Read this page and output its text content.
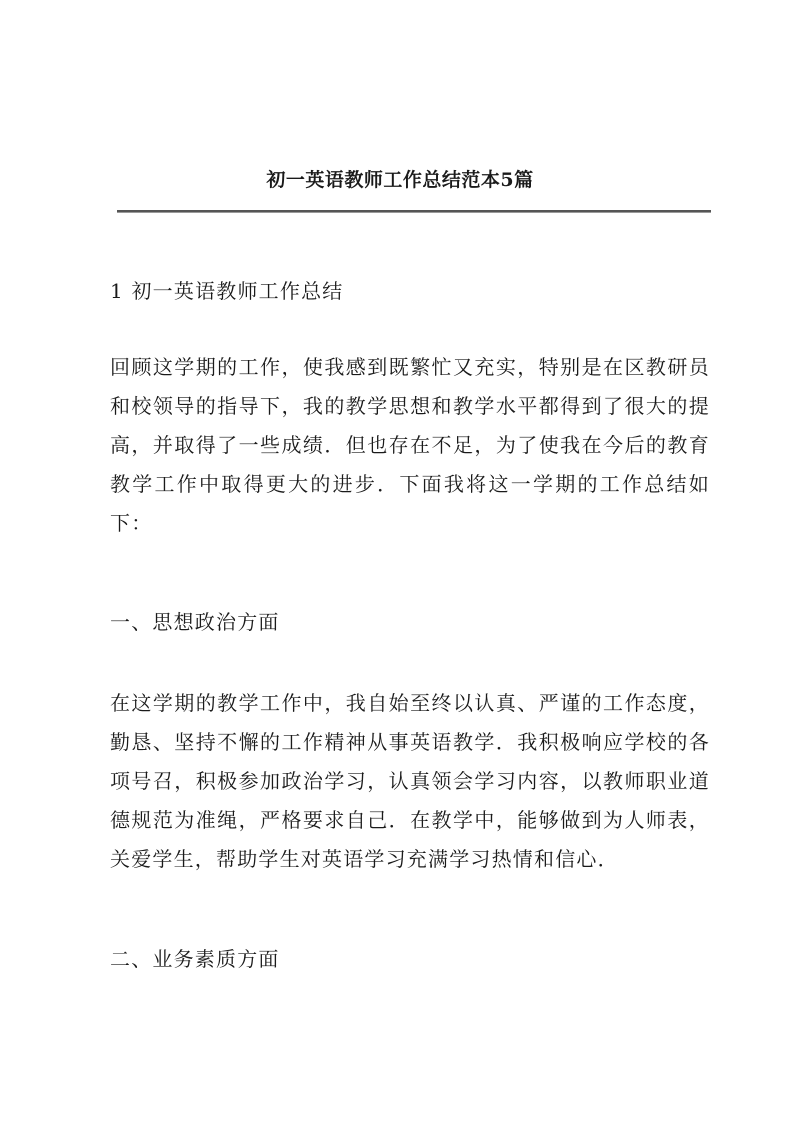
初一英语教师工作总结范本5篇

1 初一英语教师工作总结

回顾这学期的工作，使我感到既繁忙又充实，特别是在区教研员和校领导的指导下，我的教学思想和教学水平都得到了很大的提高，并取得了一些成绩．但也存在不足，为了使我在今后的教育教学工作中取得更大的进步．下面我将这一学期的工作总结如下：

一、思想政治方面

在这学期的教学工作中，我自始至终以认真、严谨的工作态度，勤恳、坚持不懈的工作精神从事英语教学．我积极响应学校的各项号召，积极参加政治学习，认真领会学习内容，以教师职业道德规范为准绳，严格要求自己．在教学中，能够做到为人师表，关爱学生，帮助学生对英语学习充满学习热情和信心．

二、业务素质方面
